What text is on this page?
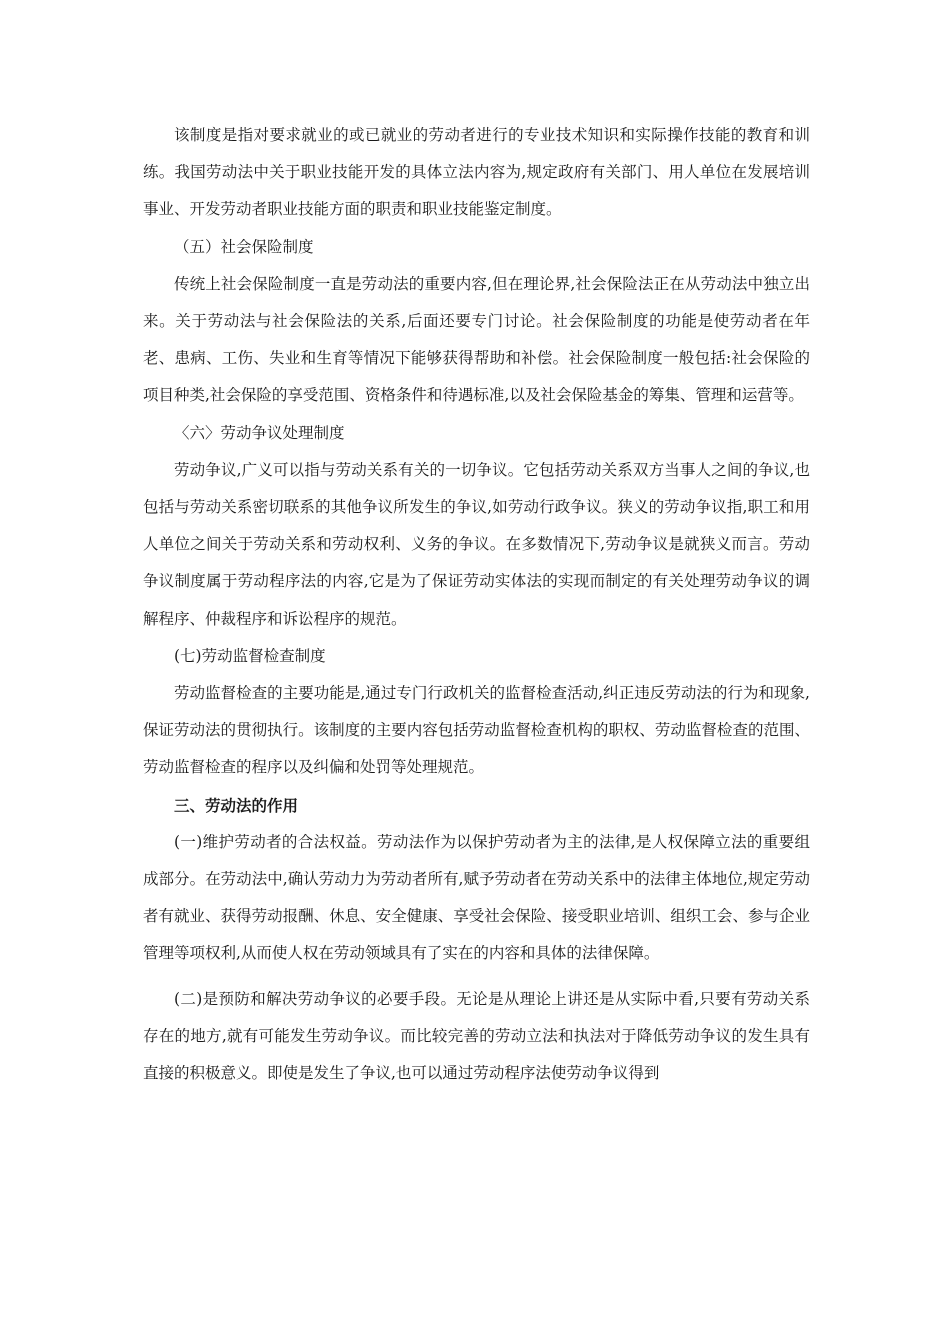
该制度是指对要求就业的或已就业的劳动者进行的专业技术知识和实际操作技能的教育和训练。我国劳动法中关于职业技能开发的具体立法内容为,规定政府有关部门、用人单位在发展培训事业、开发劳动者职业技能方面的职责和职业技能鉴定制度。

（五）社会保险制度

传统上社会保险制度一直是劳动法的重要内容,但在理论界,社会保险法正在从劳动法中独立出来。关于劳动法与社会保险法的关系,后面还要专门讨论。社会保险制度的功能是使劳动者在年老、患病、工伤、失业和生育等情况下能够获得帮助和补偿。社会保险制度一般包括:社会保险的项目种类,社会保险的享受范围、资格条件和待遇标准,以及社会保险基金的筹集、管理和运营等。

〈六〉劳动争议处理制度

劳动争议,广义可以指与劳动关系有关的一切争议。它包括劳动关系双方当事人之间的争议,也包括与劳动关系密切联系的其他争议所发生的争议,如劳动行政争议。狭义的劳动争议指,职工和用人单位之间关于劳动关系和劳动权利、义务的争议。在多数情况下,劳动争议是就狭义而言。劳动争议制度属于劳动程序法的内容,它是为了保证劳动实体法的实现而制定的有关处理劳动争议的调解程序、仲裁程序和诉讼程序的规范。

(七)劳动监督检查制度

劳动监督检查的主要功能是,通过专门行政机关的监督检查活动,纠正违反劳动法的行为和现象,保证劳动法的贯彻执行。该制度的主要内容包括劳动监督检查机构的职权、劳动监督检查的范围、劳动监督检查的程序以及纠偏和处罚等处理规范。

三、劳动法的作用

(一)维护劳动者的合法权益。劳动法作为以保护劳动者为主的法律,是人权保障立法的重要组成部分。在劳动法中,确认劳动力为劳动者所有,赋予劳动者在劳动关系中的法律主体地位,规定劳动者有就业、获得劳动报酬、休息、安全健康、享受社会保险、接受职业培训、组织工会、参与企业管理等项权利,从而使人权在劳动领域具有了实在的内容和具体的法律保障。

(二)是预防和解决劳动争议的必要手段。无论是从理论上讲还是从实际中看,只要有劳动关系存在的地方,就有可能发生劳动争议。而比较完善的劳动立法和执法对于降低劳动争议的发生具有直接的积极意义。即使是发生了争议,也可以通过劳动程序法使劳动争议得到
